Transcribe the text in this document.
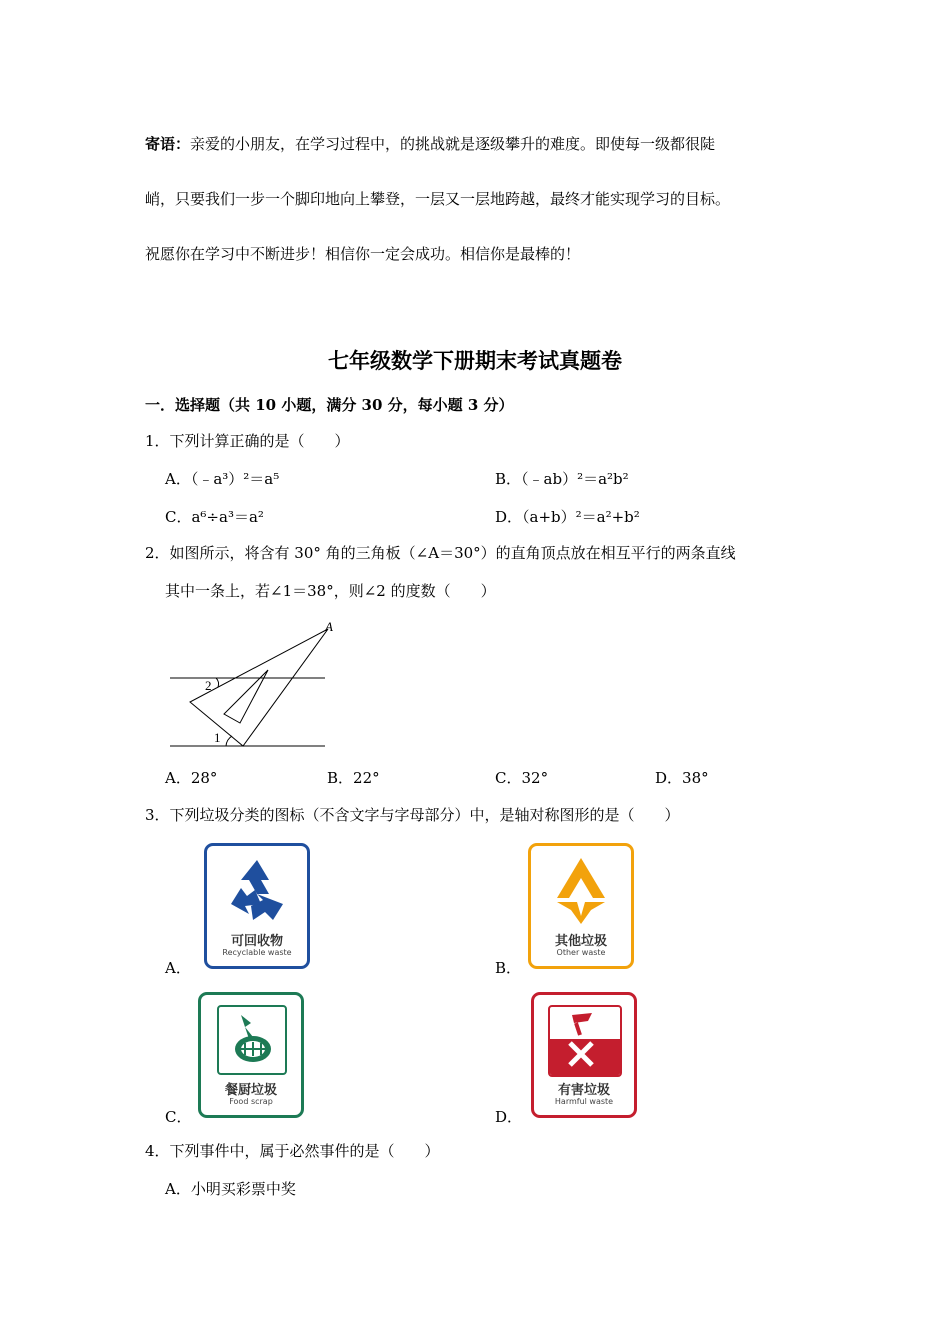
寄语：亲爱的小朋友，在学习过程中，的挑战就是逐级攀升的难度。即使每一级都很陡
峭，只要我们一步一个脚印地向上攀登，一层又一层地跨越，最终才能实现学习的目标。
祝愿你在学习中不断进步！相信你一定会成功。相信你是最棒的！
七年级数学下册期末考试真题卷
一．选择题（共 10 小题，满分 30 分，每小题 3 分）
1．下列计算正确的是（　　）
A．（﹣a³）²＝a⁵	B．（﹣ab）²＝a²b²
C．a⁶÷a³＝a²	D．（a+b）²＝a²+b²
2．如图所示，将含有 30° 角的三角板（∠A＝30°）的直角顶点放在相互平行的两条直线
其中一条上，若∠1＝38°，则∠2 的度数（　　）
A
1
2
A．28°	B．22°	C．32°	D．38°
3．下列垃圾分类的图标（不含文字与字母部分）中，是轴对称图形的是（　　）
A．
可回收物
Recyclable waste
B．
其他垃圾
Other waste
C．
餐厨垃圾
Food scrap
D．
有害垃圾
Harmful waste
4．下列事件中，属于必然事件的是（　　）
A．小明买彩票中奖
